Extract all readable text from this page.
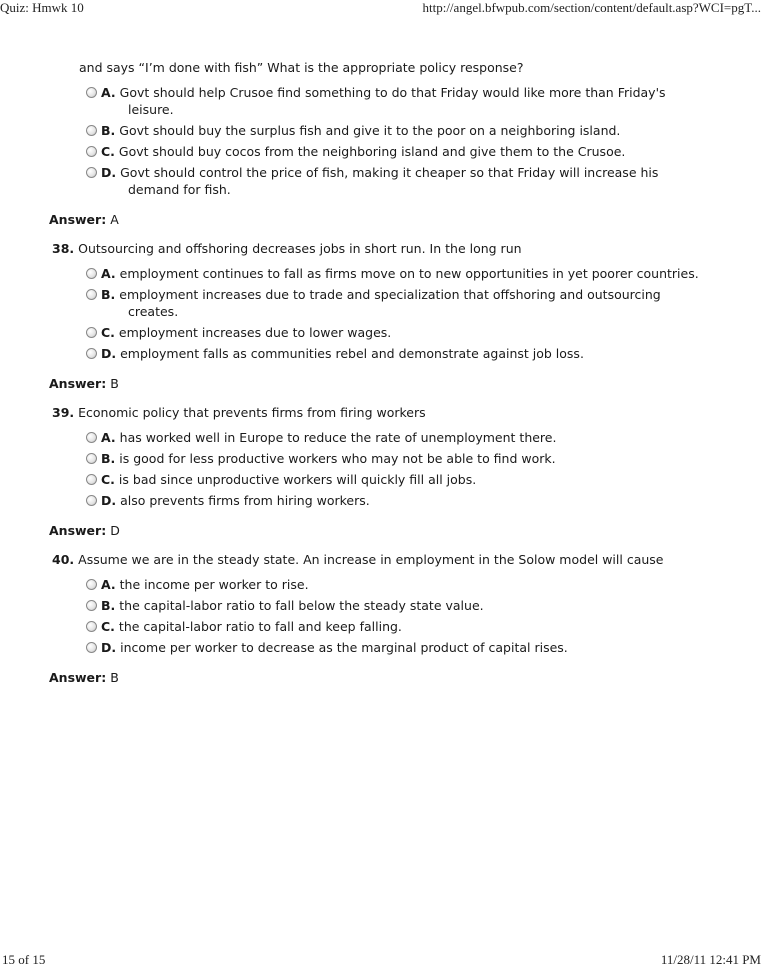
Quiz: Hmwk 10	http://angel.bfwpub.com/section/content/default.asp?WCI=pgT...
and says “I’m done with fish” What is the appropriate policy response?
A. Govt should help Crusoe find something to do that Friday would like more than Friday's
leisure.
B. Govt should buy the surplus fish and give it to the poor on a neighboring island.
C. Govt should buy cocos from the neighboring island and give them to the Crusoe.
D. Govt should control the price of fish, making it cheaper so that Friday will increase his
demand for fish.
Answer: A
38. Outsourcing and offshoring decreases jobs in short run. In the long run
A. employment continues to fall as firms move on to new opportunities in yet poorer countries.
B. employment increases due to trade and specialization that offshoring and outsourcing
creates.
C. employment increases due to lower wages.
D. employment falls as communities rebel and demonstrate against job loss.
Answer: B
39. Economic policy that prevents firms from firing workers
A. has worked well in Europe to reduce the rate of unemployment there.
B. is good for less productive workers who may not be able to find work.
C. is bad since unproductive workers will quickly fill all jobs.
D. also prevents firms from hiring workers.
Answer: D
40. Assume we are in the steady state. An increase in employment in the Solow model will cause
A. the income per worker to rise.
B. the capital-labor ratio to fall below the steady state value.
C. the capital-labor ratio to fall and keep falling.
D. income per worker to decrease as the marginal product of capital rises.
Answer: B
15 of 15	11/28/11 12:41 PM
